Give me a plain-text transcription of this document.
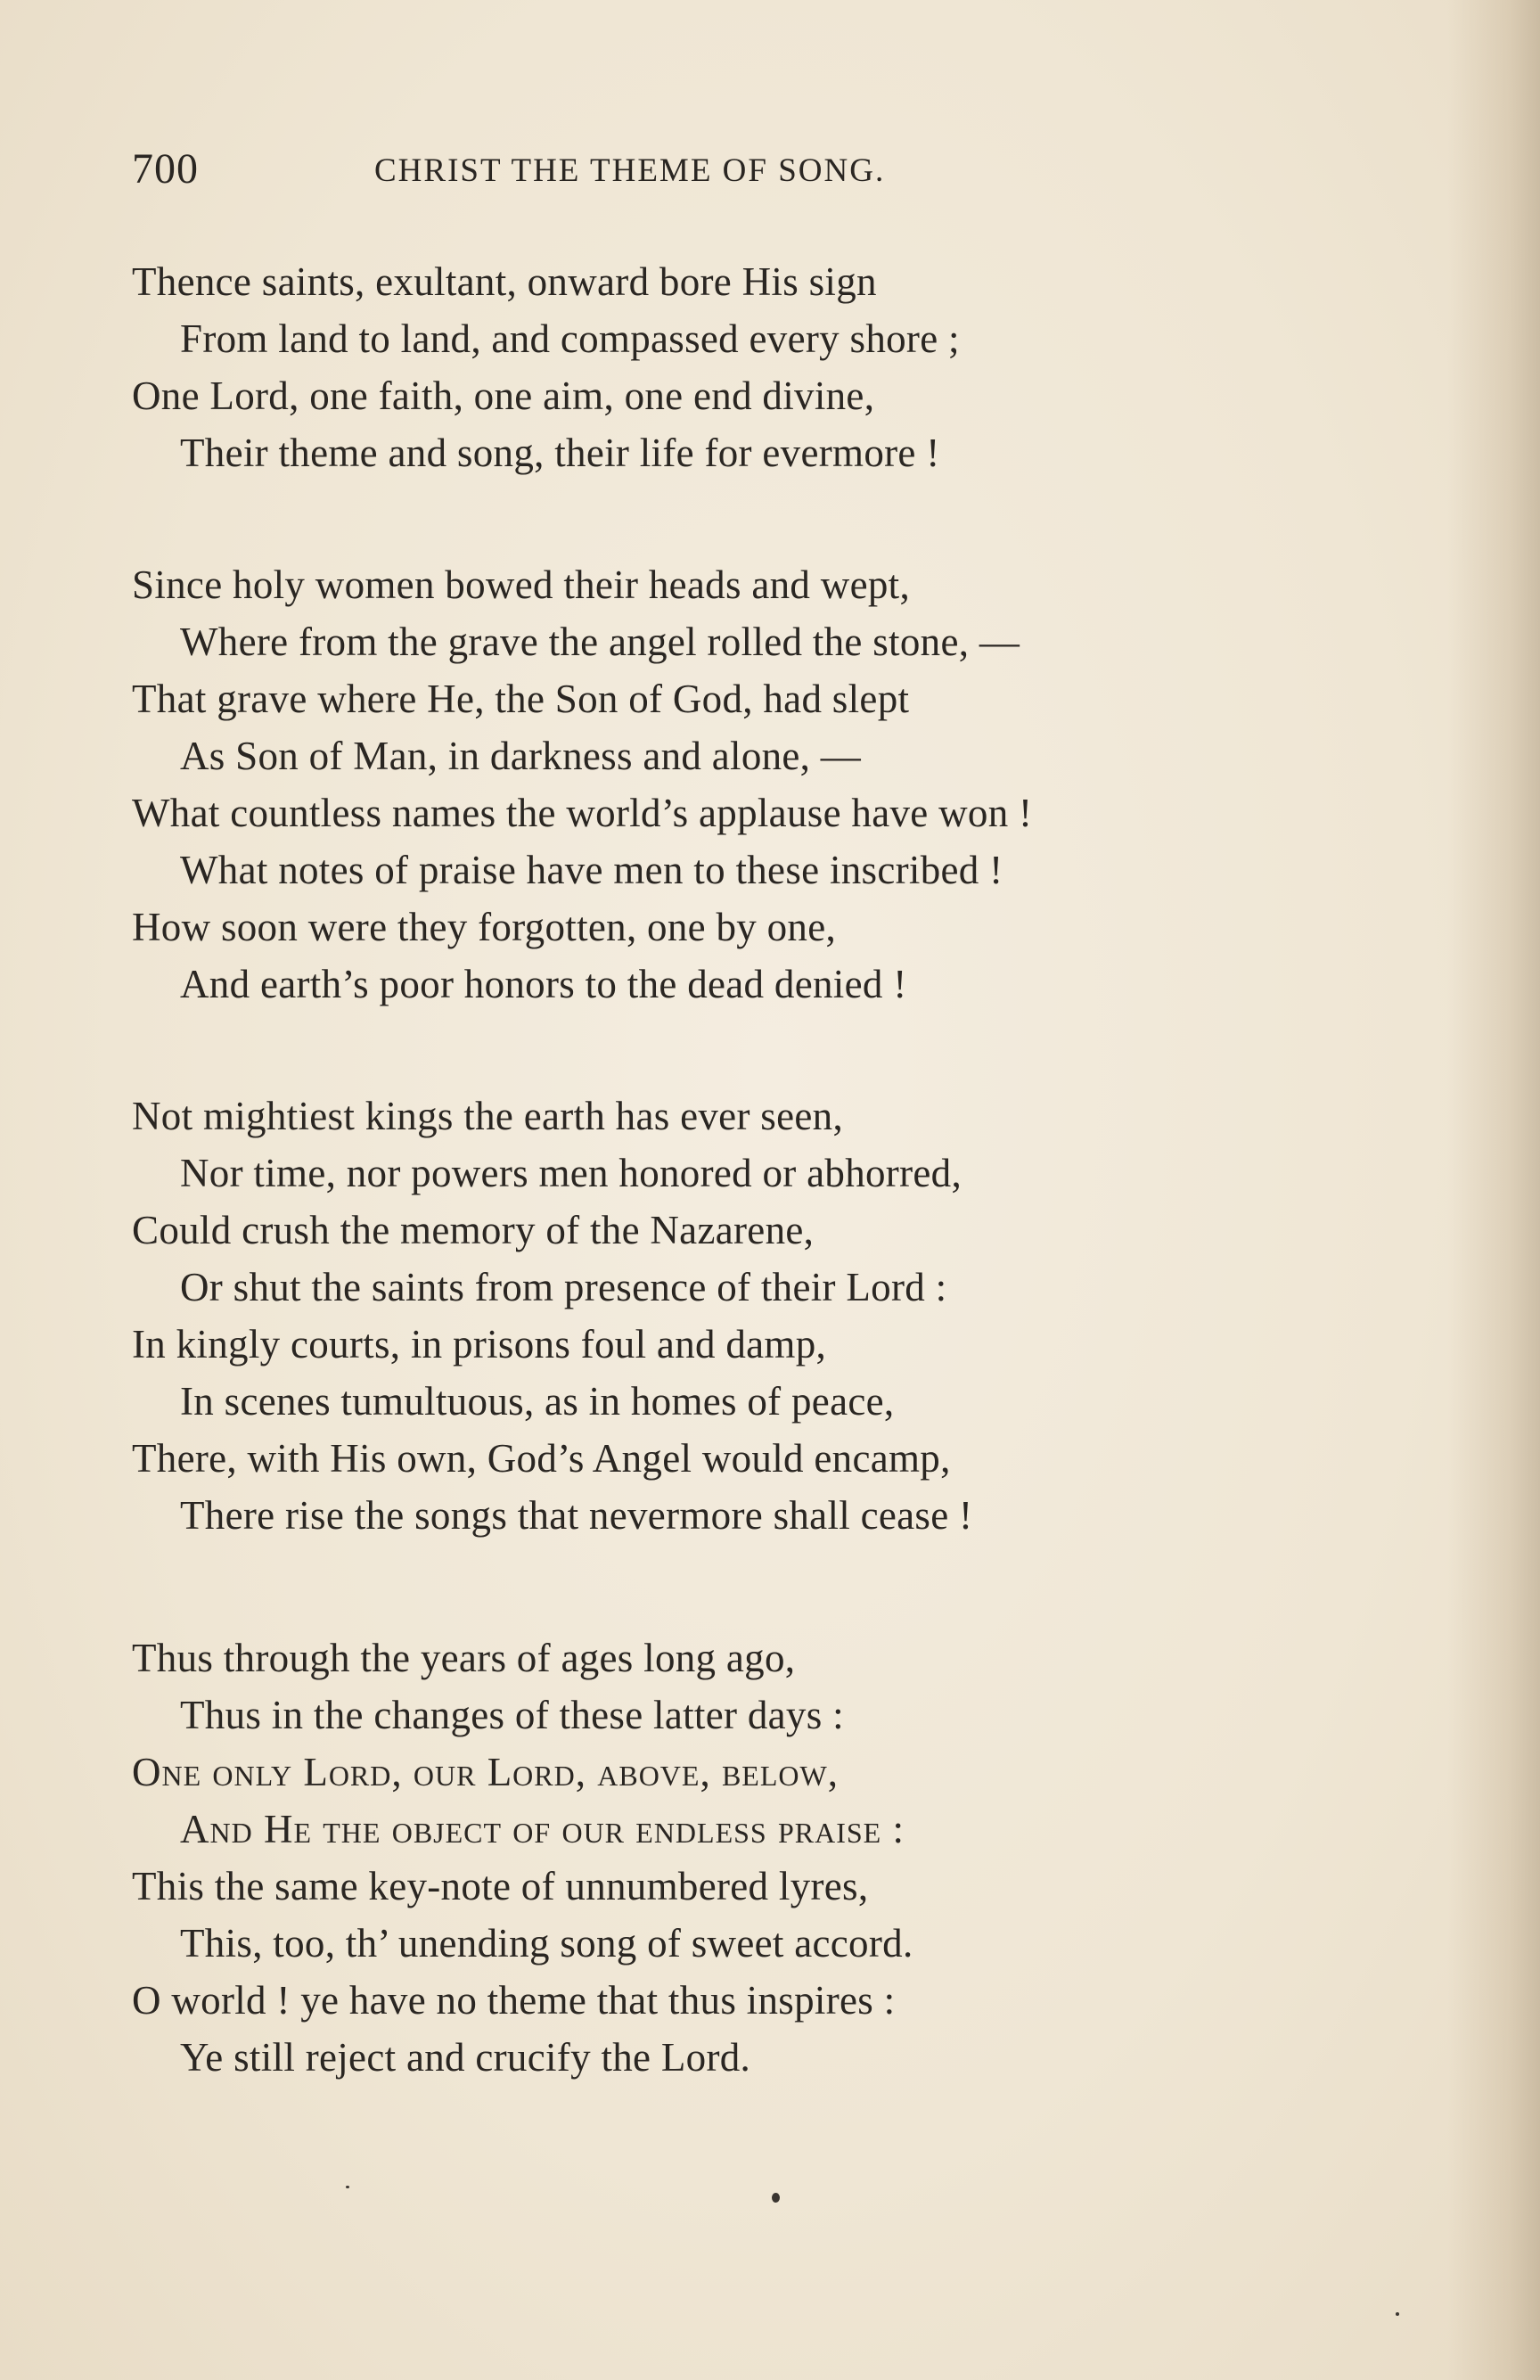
700	CHRIST THE THEME OF SONG.
Thence saints, exultant, onward bore His sign
From land to land, and compassed every shore ;
One Lord, one faith, one aim, one end divine,
Their theme and song, their life for evermore !
Since holy women bowed their heads and wept,
Where from the grave the angel rolled the stone, —
That grave where He, the Son of God, had slept
As Son of Man, in darkness and alone, —
What countless names the world’s applause have won !
What notes of praise have men to these inscribed !
How soon were they forgotten, one by one,
And earth’s poor honors to the dead denied !
Not mightiest kings the earth has ever seen,
Nor time, nor powers men honored or abhorred,
Could crush the memory of the Nazarene,
Or shut the saints from presence of their Lord :
In kingly courts, in prisons foul and damp,
In scenes tumultuous, as in homes of peace,
There, with His own, God’s Angel would encamp,
There rise the songs that nevermore shall cease !
Thus through the years of ages long ago,
Thus in the changes of these latter days :
One only Lord, our Lord, above, below,
And He the object of our endless praise :
This the same key-note of unnumbered lyres,
This, too, th’ unending song of sweet accord.
O world ! ye have no theme that thus inspires :
Ye still reject and crucify the Lord.
